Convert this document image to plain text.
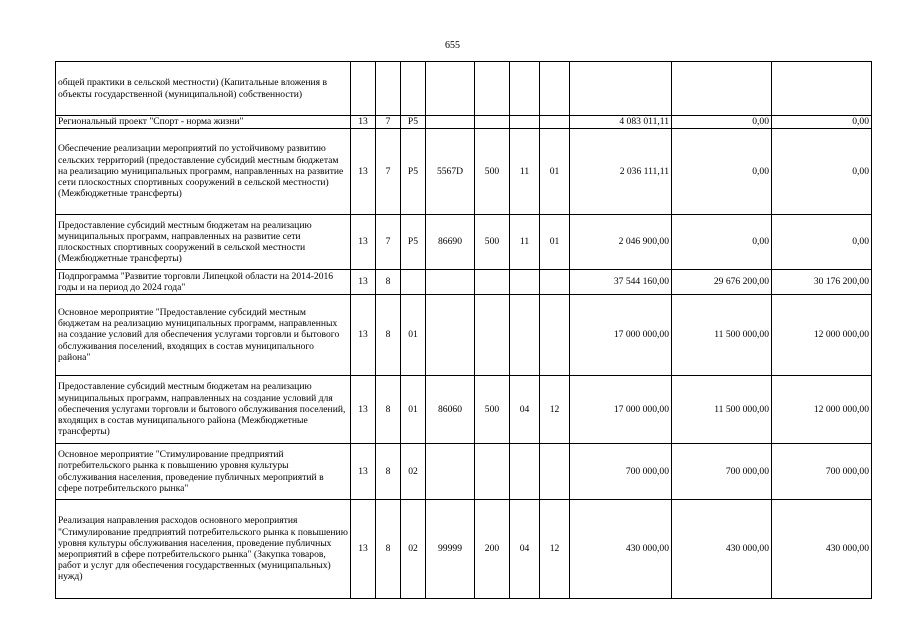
655
общей практики в сельской местности) (Капитальные вложения в объекты государственной (муниципальной) собственности)										
Региональный проект "Спорт - норма жизни"	13	7	P5					4 083 011,11	0,00	0,00
Обеспечение реализации мероприятий по устойчивому развитию сельских территорий (предоставление субсидий местным бюджетам на реализацию муниципальных программ, направленных на развитие сети плоскостных спортивных сооружений в сельской местности) (Межбюджетные трансферты)	13	7	P5	5567D	500	11	01	2 036 111,11	0,00	0,00
Предоставление субсидий местным бюджетам на реализацию муниципальных программ, направленных на развитие сети плоскостных спортивных сооружений в сельской местности (Межбюджетные трансферты)	13	7	P5	86690	500	11	01	2 046 900,00	0,00	0,00
Подпрограмма "Развитие торговли Липецкой области на 2014-2016 годы и на период до 2024 года"	13	8						37 544 160,00	29 676 200,00	30 176 200,00
Основное мероприятие "Предоставление субсидий местным бюджетам на реализацию муниципальных программ, направленных на создание условий для обеспечения услугами торговли и бытового обслуживания поселений, входящих в состав муниципального района"	13	8	01					17 000 000,00	11 500 000,00	12 000 000,00
Предоставление субсидий местным бюджетам на реализацию муниципальных программ, направленных на создание условий для обеспечения услугами торговли и бытового обслуживания поселений, входящих в состав муниципального района (Межбюджетные трансферты)	13	8	01	86060	500	04	12	17 000 000,00	11 500 000,00	12 000 000,00
Основное мероприятие "Стимулирование предприятий потребительского рынка к повышению уровня культуры обслуживания населения, проведение публичных мероприятий в сфере потребительского рынка"	13	8	02					700 000,00	700 000,00	700 000,00
Реализация направления расходов основного мероприятия "Стимулирование предприятий потребительского рынка к повышению уровня культуры обслуживания населения, проведение публичных мероприятий в сфере потребительского рынка" (Закупка товаров, работ и услуг для обеспечения государственных (муниципальных) нужд)	13	8	02	99999	200	04	12	430 000,00	430 000,00	430 000,00
